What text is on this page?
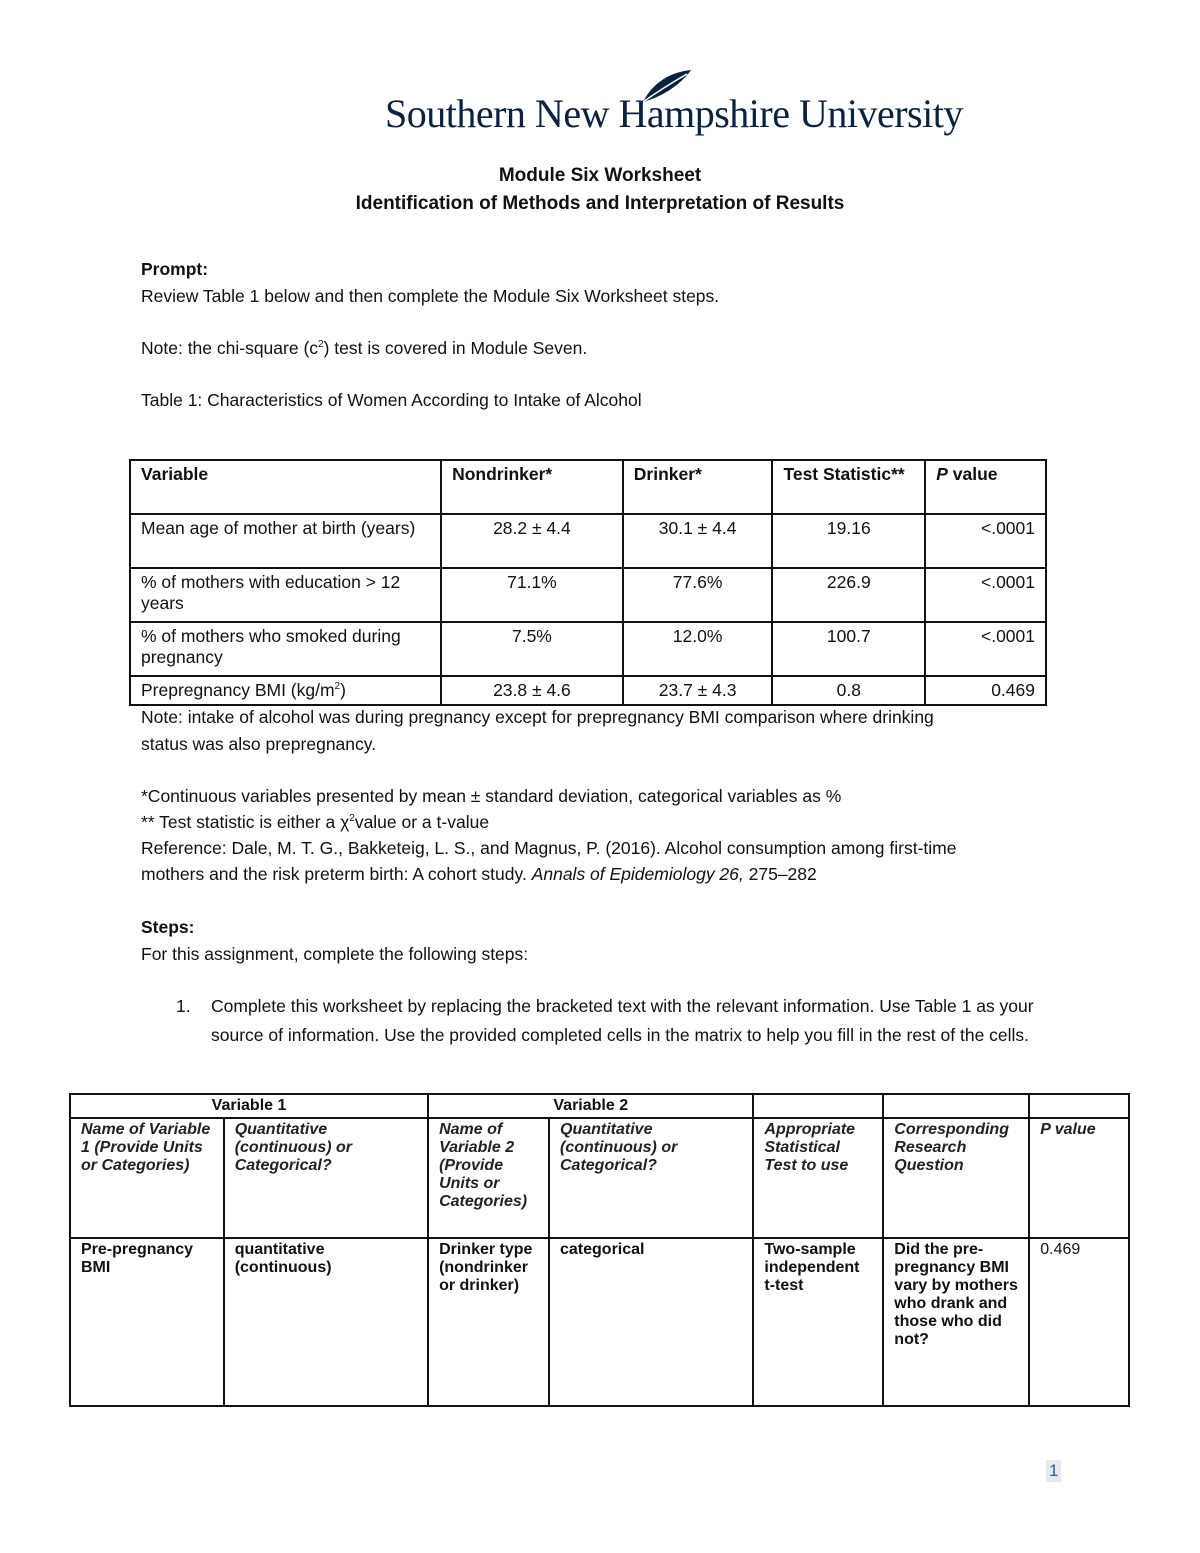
Southern New Hampshire University
Module Six Worksheet
Identification of Methods and Interpretation of Results
Prompt:
Review Table 1 below and then complete the Module Six Worksheet steps.
Note: the chi-square $(c^2)$ test is covered in Module Seven.
Table 1: Characteristics of Women According to Intake of Alcohol
Variable	Nondrinker*	Drinker*	Test Statistic**	P value
Mean age of mother at birth (years)	28.2 ± 4.4	30.1 ± 4.4	19.16	<.0001
% of mothers with education > 12 years	71.1%	77.6%	226.9	<.0001
% of mothers who smoked during pregnancy	7.5%	12.0%	100.7	<.0001
Prepregnancy BMI $(kg/m^2)$	23.8 ± 4.6	23.7 ± 4.3	0.8	0.469
Note: intake of alcohol was during pregnancy except for prepregnancy BMI comparison where drinking
status was also prepregnancy.
*Continuous variables presented by mean ± standard deviation, categorical variables as %
** Test statistic is either a $\chi^2value$ or a t-value
Reference: Dale, M. T. G., Bakketeig, L. S., and Magnus, P. (2016). Alcohol consumption among first-time
mothers and the risk preterm birth: A cohort study. Annals of Epidemiology 26, 275–282
Steps:
For this assignment, complete the following steps:
1. Complete this worksheet by replacing the bracketed text with the relevant information. Use Table 1 as your source of information. Use the provided completed cells in the matrix to help you fill in the rest of the cells.
Variable 1		Variable 2				
Name of Variable 1 (Provide Units or Categories)	Quantitative (continuous) or Categorical?	Name of Variable 2 (Provide Units or Categories)	Quantitative (continuous) or Categorical?	Appropriate Statistical Test to use	Corresponding Research Question	P value
Pre-pregnancy BMI	quantitative (continuous)	Drinker type (nondrinker or drinker)	categorical	Two-sample independent t-test	Did the pre-pregnancy BMI vary by mothers who drank and those who did not?	0.469
1
